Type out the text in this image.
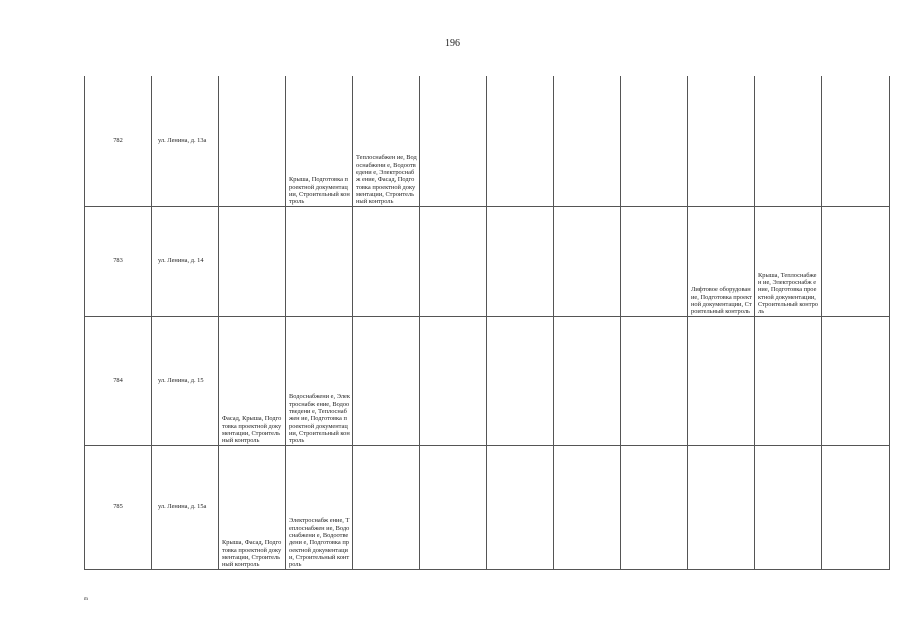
196
782	ул. Ленина, д. 13а		Крыша, Подготовка проектной документации, Строительный контроль	Теплоснабжен ие, Водоснабжени е, Водоотведени е, Электроснабж ение, Фасад, Подготовка проектной документации, Строительный контроль							
783	ул. Ленина, д. 14								Лифтовое оборудование, Подготовка проектной документации, Строительный контроль	Крыша, Теплоснабжен ие, Электроснабж ение, Подготовка проектной документации, Строительный контроль	
784	ул. Ленина, д. 15	Фасад, Крыша, Подготовка проектной документации, Строительный контроль	Водоснабжени е, Электроснабж ение, Водоотведени е, Теплоснабжен ие, Подготовка проектной документации, Строительный контроль								
785	ул. Ленина, д. 15а	Крыша, Фасад, Подготовка проектной документации, Строительный контроль	Электроснабж ение, Теплоснабжен ие, Водоснабжени е, Водоотведени е, Подготовка проектной документации, Строительный контроль								
m
